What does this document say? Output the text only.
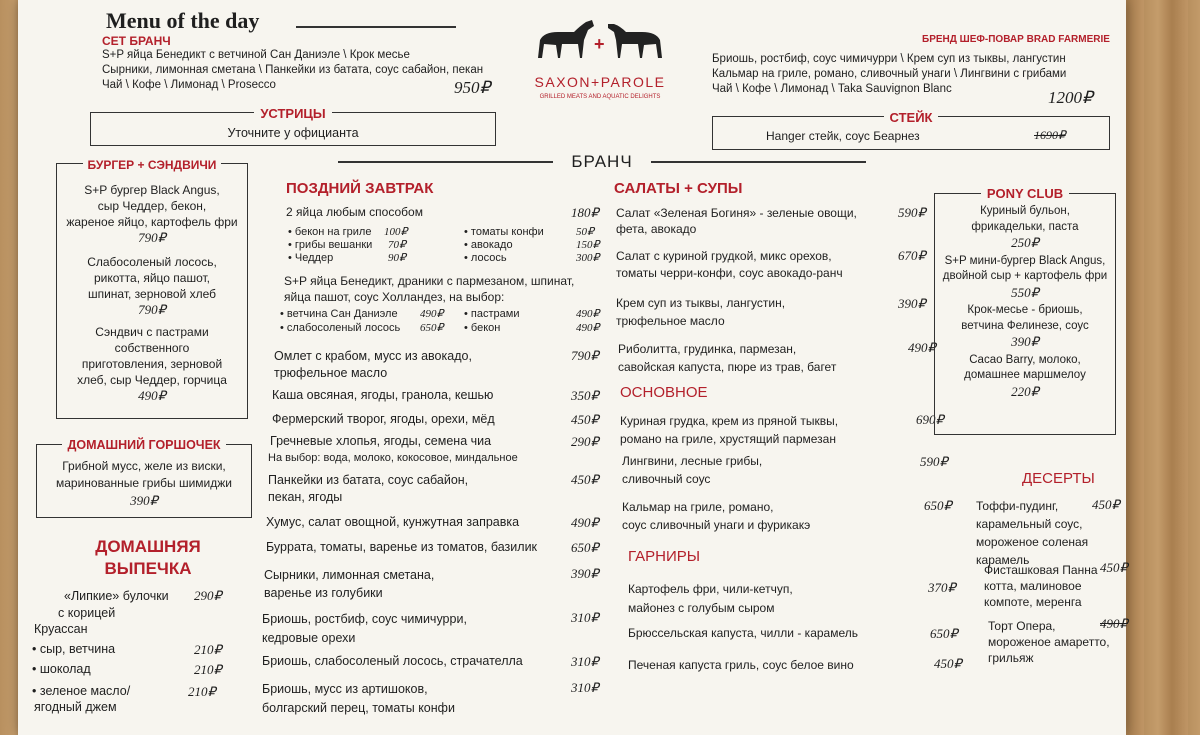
Menu of the day
СЕТ БРАНЧ
S+P яйца Бенедикт с ветчиной Сан Даниэле \ Крок месье
Сырники, лимонная сметана \ Панкейки из батата, соус сабайон, пекан
Чай \ Кофе \ Лимонад \ Prosecco	950₽
УСТРИЦЫ
Уточните у официанта
+
SAXON+PAROLE
GRILLED MEATS AND AQUATIC DELIGHTS
БРЕНД ШЕФ-ПОВАР BRAD FARMERIE
Бриошь, ростбиф, соус чимичурри \ Крем суп из тыквы, лангустин
Кальмар на гриле, романо, сливочный унаги \ Лингвини с грибами
Чай \ Кофе \ Лимонад \ Taka Sauvignon Blanc	1200₽
СТЕЙК
Hanger стейк, соус Беарнез	1690₽
БРАНЧ
БУРГЕР + СЭНДВИЧИ
S+P бургер Black Angus,
сыр Чеддер, бекон,
жареное яйцо, картофель фри
790₽
Слабосоленый лосось,
рикотта, яйцо пашот,
шпинат, зерновой хлеб
790₽
Сэндвич с пастрами
собственного
приготовления, зерновой
хлеб, сыр Чеддер, горчица
490₽
ДОМАШНИЙ ГОРШОЧЕК
Грибной мусс, желе из виски,
маринованные грибы шимиджи
390₽
ДОМАШНЯЯ
ВЫПЕЧКА
«Липкие» булочки
с корицей
290₽
Круассан
• сыр, ветчина	210₽
• шоколад	210₽
• зеленое масло/
ягодный джем
210₽
ПОЗДНИЙ ЗАВТРАК
2 яйца любым способом	180₽
• бекон на гриле 100₽
• грибы вешанки 70₽
• Чеддер	90₽
• томаты конфи	50₽
• авокадо	150₽
• лосось	300₽
S+P яйца Бенедикт, драники с пармезаном, шпинат,
яйца пашот, соус Холландез, на выбор:
• ветчина Сан Даниэле 490₽
• слабосоленый лосось 650₽
• пастрами	490₽
• бекон	490₽
Омлет с крабом, мусс из авокадо,
трюфельное масло
790₽
Каша овсяная, ягоды, гранола, кешью	350₽
Фермерский творог, ягоды, орехи, мёд	450₽
Гречневые хлопья, ягоды, семена чиа	290₽
На выбор: вода, молоко, кокосовое, миндальное
Панкейки из батата, соус сабайон,
пекан, ягоды
450₽
Хумус, салат овощной, кунжутная заправка	490₽
Буррата, томаты, варенье из томатов, базилик	650₽
Сырники, лимонная сметана,
варенье из голубики
390₽
Бриошь, ростбиф, соус чимичурри,
кедровые орехи
310₽
Бриошь, слабосоленый лосось, страчателла	310₽
Бриошь, мусс из артишоков,
болгарский перец, томаты конфи
310₽
САЛАТЫ + СУПЫ
Салат «Зеленая Богиня» - зеленые овощи,
фета, авокадо
590₽
Салат с куриной грудкой, микс орехов,
томаты черри-конфи, соус авокадо-ранч
670₽
Крем суп из тыквы, лангустин,
трюфельное масло
390₽
Риболитта, грудинка, пармезан,
савойская капуста, пюре из трав, багет
490₽
ОСНОВНОЕ
Куриная грудка, крем из пряной тыквы,
романо на гриле, хрустящий пармезан
690₽
Лингвини, лесные грибы,
сливочный соус
590₽
Кальмар на гриле, романо,
соус сливочный унаги и фурикакэ
650₽
ГАРНИРЫ
Картофель фри, чили-кетчуп,
майонез с голубым сыром
370₽
Брюссельская капуста, чилли - карамель	650₽
Печеная капуста гриль, соус белое вино	450₽
PONY CLUB
Куриный бульон,
фрикадельки, паста
250₽
S+P мини-бургер Black Angus,
двойной сыр + картофель фри
550₽
Крок-месье - бриошь,
ветчина Фелинезе, соус
390₽
Cacao Barry, молоко,
домашнее маршмелоу
220₽
ДЕСЕРТЫ
Тоффи-пудинг,
карамельный соус,
мороженое соленая карамель
450₽
Фисташковая Панна
котта, малиновое
компоте, меренга
450₽
Торт Опера,
мороженое амаретто,
грильяж
490₽
